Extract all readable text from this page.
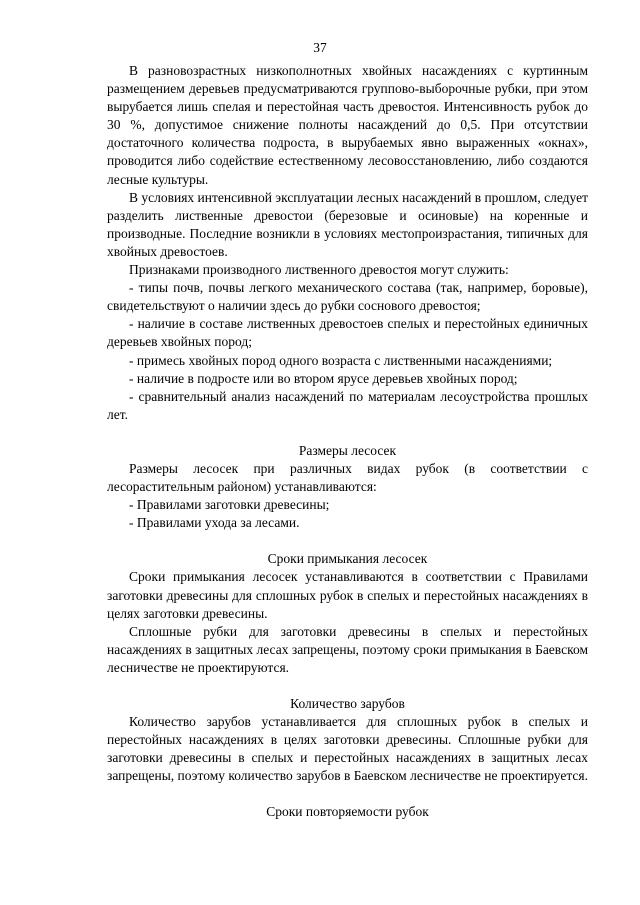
37

В разновозрастных низкополнотных хвойных насаждениях с куртинным размещением деревьев предусматриваются группово-выборочные рубки, при этом вырубается лишь спелая и перестойная часть древостоя. Интенсивность рубок до 30 %, допустимое снижение полноты насаждений до 0,5. При отсутствии достаточного количества подроста, в вырубаемых явно выраженных «окнах», проводится либо содействие естественному лесовосстановлению, либо создаются лесные культуры.

В условиях интенсивной эксплуатации лесных насаждений в прошлом, следует разделить лиственные древостои (березовые и осиновые) на коренные и производные. Последние возникли в условиях местопроизрастания, типичных для хвойных древостоев.

Признаками производного лиственного древостоя могут служить:

- типы почв, почвы легкого механического состава (так, например, боровые), свидетельствуют о наличии здесь до рубки соснового древостоя;

- наличие в составе лиственных древостоев спелых и перестойных единичных деревьев хвойных пород;

- примесь хвойных пород одного возраста с лиственными насаждениями;

- наличие в подросте или во втором ярусе деревьев хвойных пород;

- сравнительный анализ насаждений по материалам лесоустройства прошлых лет.

Размеры лесосек

Размеры лесосек при различных видах рубок (в соответствии с лесорастительным районом) устанавливаются:

- Правилами заготовки древесины;

- Правилами ухода за лесами.

Сроки примыкания лесосек

Сроки примыкания лесосек устанавливаются в соответствии с Правилами заготовки древесины для сплошных рубок в спелых и перестойных насаждениях в целях заготовки древесины.

Сплошные рубки для заготовки древесины в спелых и перестойных насаждениях в защитных лесах запрещены, поэтому сроки примыкания в Баевском лесничестве не проектируются.

Количество зарубов

Количество зарубов устанавливается для сплошных рубок в спелых и перестойных насаждениях в целях заготовки древесины. Сплошные рубки для заготовки древесины в спелых и перестойных насаждениях в защитных лесах запрещены, поэтому количество зарубов в Баевском лесничестве не проектируется.

Сроки повторяемости рубок
